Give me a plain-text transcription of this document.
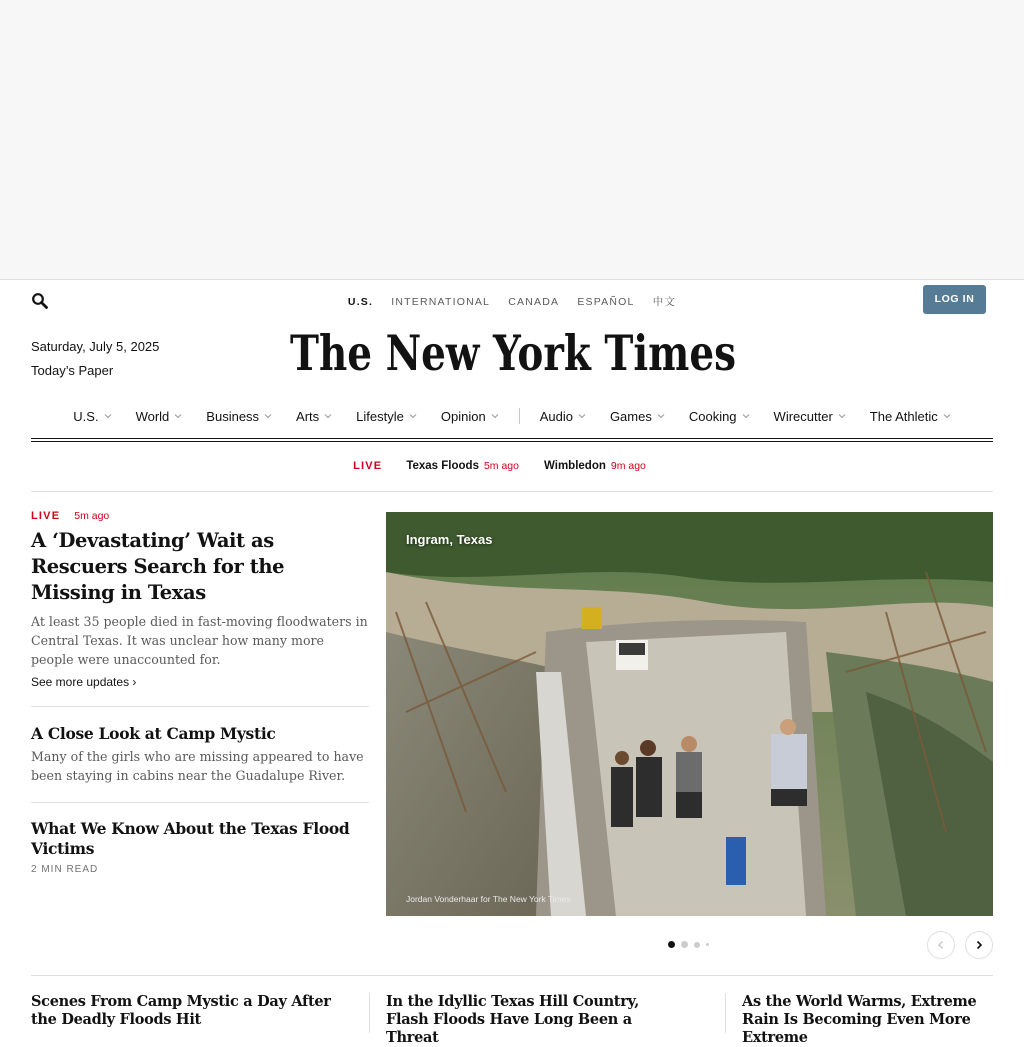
U.S. INTERNATIONAL CANADA ESPAÑOL 中文	LOG IN
Saturday, July 5, 2025
Today’s Paper	The New York Times
U.S.	World	Business	Arts	Lifestyle	Opinion	Audio	Games	Cooking	Wirecutter	The Athletic
LIVE Texas Floods 5m ago Wimbledon 9m ago
LIVE 5m ago
A ‘Devastating’ Wait as Rescuers Search for the Missing in Texas

At least 35 people died in fast-moving floodwaters in Central Texas. It was unclear how many more people were unaccounted for.

See more updates ›
A Close Look at Camp Mystic

Many of the girls who are missing appeared to have been staying in cabins near the Guadalupe River.

What We Know About the Texas Flood Victims
2 MIN READ
Ingram, Texas
Jordan Vonderhaar for The New York Times
Scenes From Camp Mystic a Day After the Deadly Floods Hit
In the Idyllic Texas Hill Country, Flash Floods Have Long Been a Threat
As the World Warms, Extreme Rain Is Becoming Even More Extreme
